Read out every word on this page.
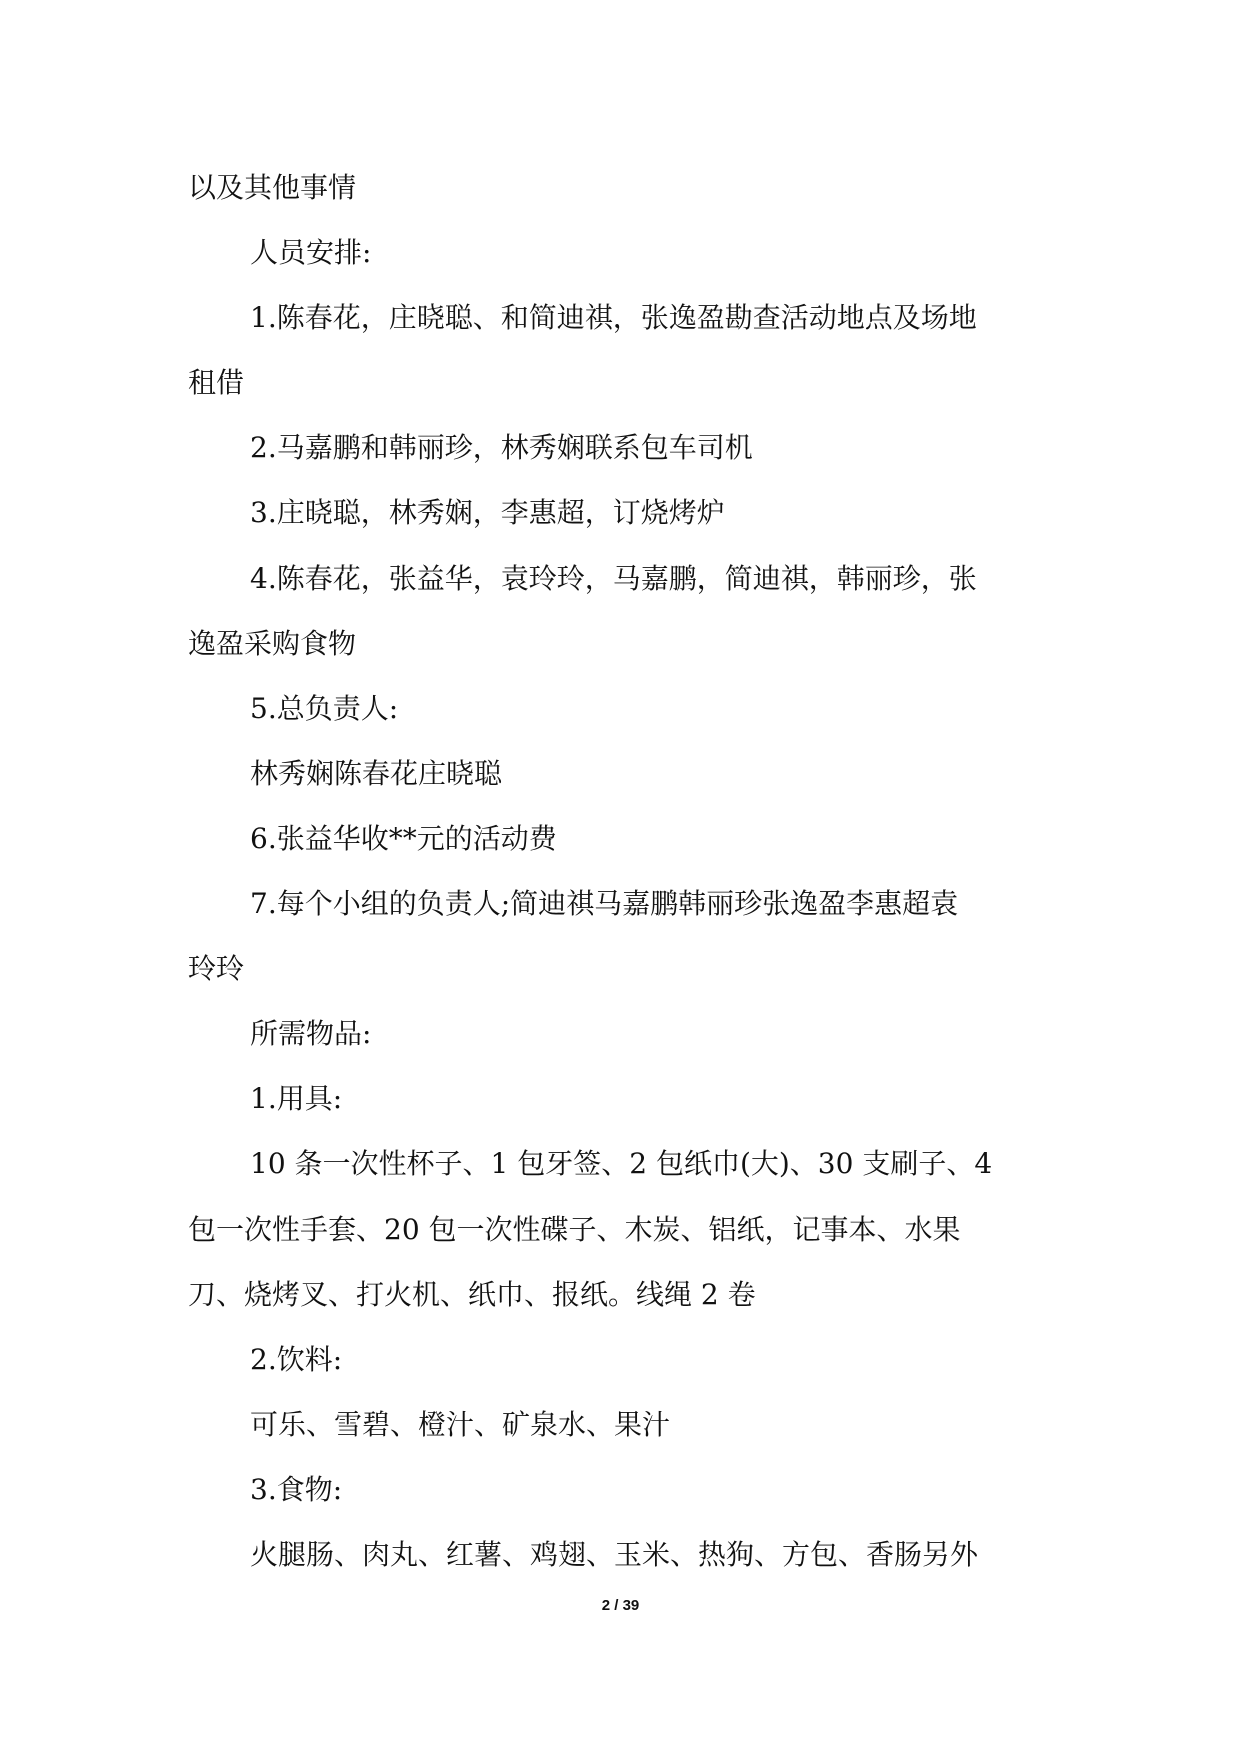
以及其他事情
人员安排:
1.陈春花，庄晓聪、和简迪祺，张逸盈勘查活动地点及场地
租借
2.马嘉鹏和韩丽珍，林秀娴联系包车司机
3.庄晓聪，林秀娴，李惠超，订烧烤炉
4.陈春花，张益华，袁玲玲，马嘉鹏，简迪祺，韩丽珍，张
逸盈采购食物
5.总负责人:
林秀娴陈春花庄晓聪
6.张益华收**元的活动费
7.每个小组的负责人;简迪祺马嘉鹏韩丽珍张逸盈李惠超袁
玲玲
所需物品:
1.用具:
10 条一次性杯子、1 包牙签、2 包纸巾(大)、30 支刷子、4
包一次性手套、20 包一次性碟子、木炭、铝纸，记事本、水果
刀、烧烤叉、打火机、纸巾、报纸。线绳 2 卷
2.饮料:
可乐、雪碧、橙汁、矿泉水、果汁
3.食物:
火腿肠、肉丸、红薯、鸡翅、玉米、热狗、方包、香肠另外
2 / 39
